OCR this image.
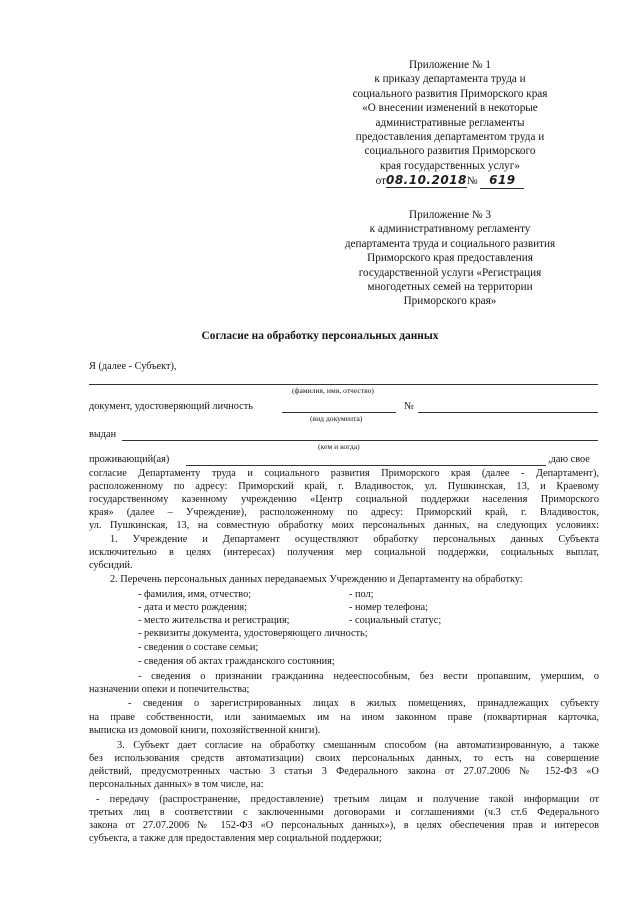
Приложение № 1
к приказу департамента труда и
социального развития Приморского края
«О внесении изменений в некоторые
административные регламенты
предоставления департаментом труда и
социального развития Приморского
края государственных услуг»
от08.10.2018№ 619
Приложение № 3
к административному регламенту
департамента труда и социального развития
Приморского края предоставления
государственной услуги «Регистрация
многодетных семей на территории
Приморского края»
Согласие на обработку персональных данных
Я (далее - Субъект),
(фамилия, имя, отчество)
документ, удостоверяющий личность	№
(вид документа)
выдан
(кем и когда)
проживающий(ая)	,даю свое
согласие Департаменту труда и социального развития Приморского края (далее - Департамент),
расположенному по адресу: Приморский край, г. Владивосток, ул. Пушкинская, 13, и Краевому
государственному казенному учреждению «Центр социальной поддержки населения Приморского
края» (далее – Учреждение), расположенному по адресу: Приморский край, г. Владивосток,
ул. Пушкинская, 13, на совместную обработку моих персональных данных, на следующих условиях:
1. Учреждение и Департамент осуществляют обработку персональных данных Субъекта
исключительно в целях (интересах) получения мер социальной поддержки, социальных выплат,
субсидий.
2. Перечень персональных данных передаваемых Учреждению и Департаменту на обработку:
- фамилия, имя, отчество;	- пол;
- дата и место рождения;	- номер телефона;
- место жительства и регистрация;	- социальный статус;
- реквизиты документа, удостоверяющего личность;
- сведения о составе семьи;
- сведения об актах гражданского состояния;
- сведения о признании гражданина недееспособным, без вести пропавшим, умершим, о
назначении опеки и попечительства;
- сведения о зарегистрированных лицах в жилых помещениях, принадлежащих субъекту
на праве собственности, или занимаемых им на ином законном праве (поквартирная карточка,
выписка из домовой книги, похозяйственной книги).
3. Субъект дает согласие на обработку смешанным способом (на автоматизированную, а также
без использования средств автоматизации) своих персональных данных, то есть на совершение
действий, предусмотренных частью 3 статьи 3 Федерального закона от 27.07.2006 № 152-ФЗ «О
персональных данных» в том числе, на:
- передачу (распространение, предоставление) третьим лицам и получение такой информации от
третьих лиц в соответствии с заключенными договорами и соглашениями (ч.3 ст.6 Федерального
закона от 27.07.2006 № 152-ФЗ «О персональных данных»), в целях обеспечения прав и интересов
субъекта, а также для предоставления мер социальной поддержки;
